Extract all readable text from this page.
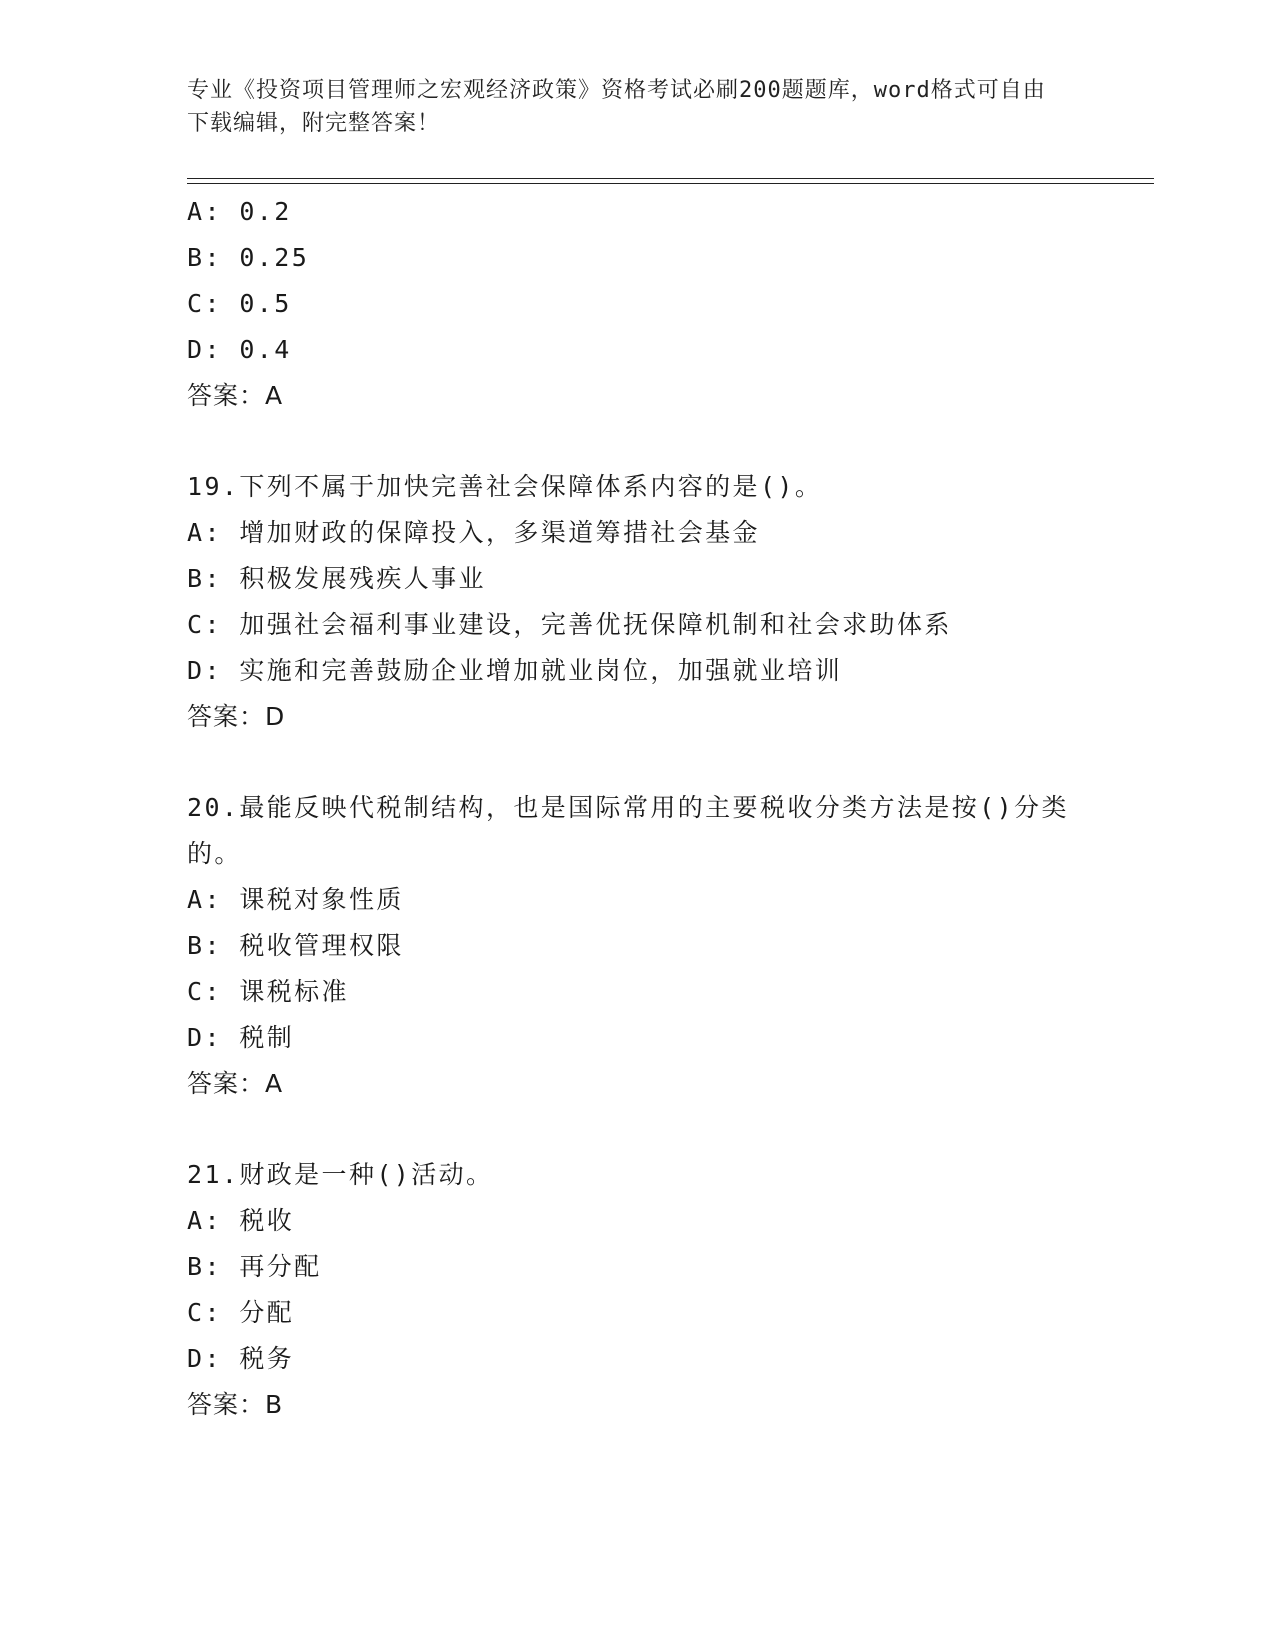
专业《投资项目管理师之宏观经济政策》资格考试必刷200题题库，word格式可自由下载编辑，附完整答案！
A: 0.2
B: 0.25
C: 0.5
D: 0.4
答案：A
19.下列不属于加快完善社会保障体系内容的是()。
A: 增加财政的保障投入，多渠道筹措社会基金
B: 积极发展残疾人事业
C: 加强社会福利事业建设，完善优抚保障机制和社会求助体系
D: 实施和完善鼓励企业增加就业岗位，加强就业培训
答案：D
20.最能反映代税制结构，也是国际常用的主要税收分类方法是按()分类的。
A: 课税对象性质
B: 税收管理权限
C: 课税标准
D: 税制
答案：A
21.财政是一种()活动。
A: 税收
B: 再分配
C: 分配
D: 税务
答案：B
